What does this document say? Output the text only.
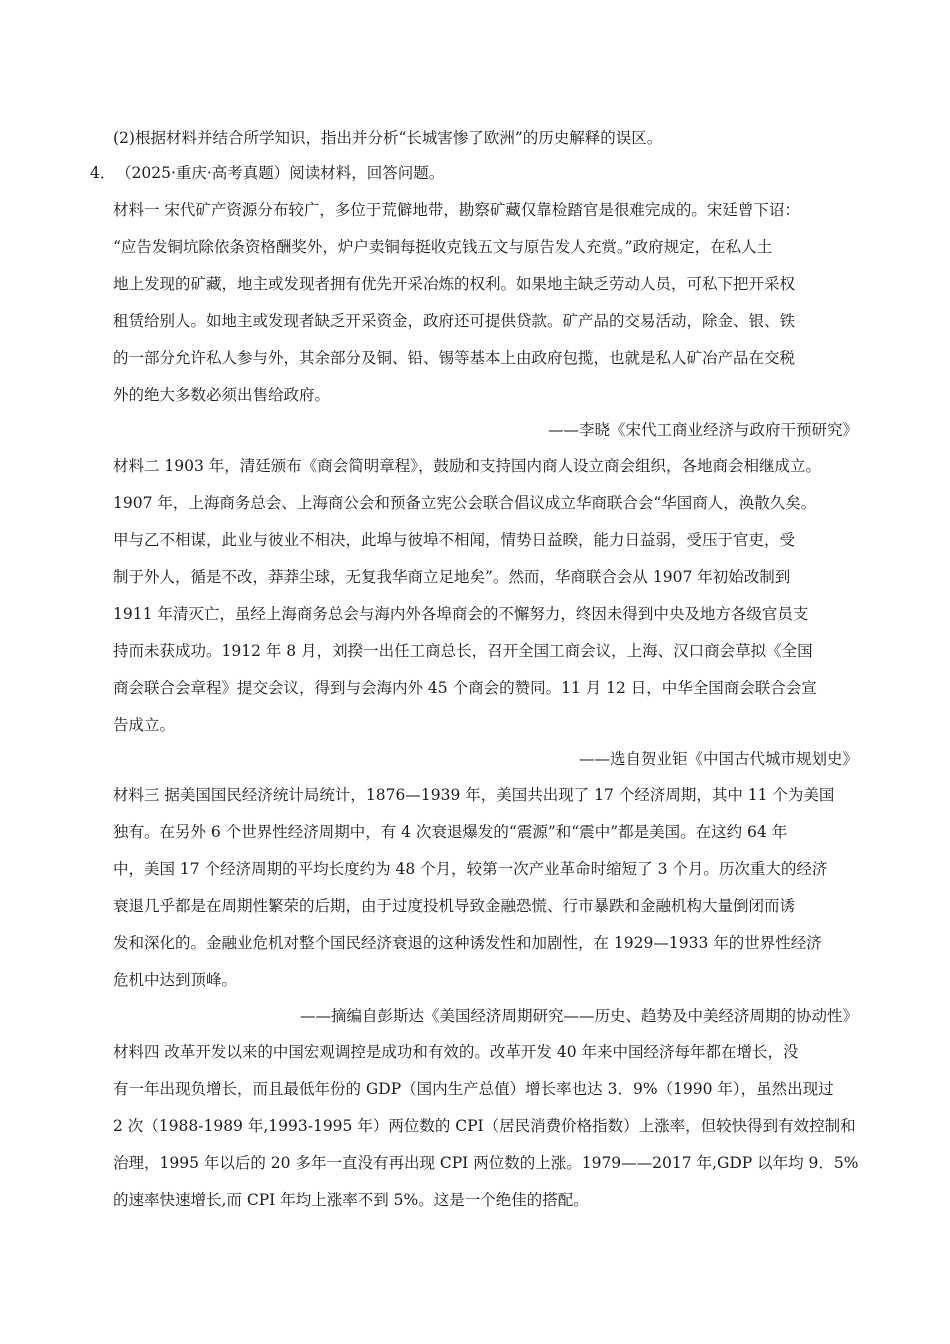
(2)根据材料并结合所学知识，指出并分析“长城害惨了欧洲”的历史解释的误区。
4． （2025·重庆·高考真题）阅读材料，回答问题。
材料一 宋代矿产资源分布较广，多位于荒僻地带，勘察矿藏仅靠检踏官是很难完成的。宋廷曾下诏：
“应告发铜坑除依条资格酬奖外，炉户卖铜每挺收克钱五文与原告发人充赏。”政府规定，在私人土
地上发现的矿藏，地主或发现者拥有优先开采冶炼的权利。如果地主缺乏劳动人员，可私下把开采权
租赁给别人。如地主或发现者缺乏开采资金，政府还可提供贷款。矿产品的交易活动，除金、银、铁
的一部分允许私人参与外，其余部分及铜、铅、锡等基本上由政府包揽，也就是私人矿冶产品在交税
外的绝大多数必须出售给政府。
——李晓《宋代工商业经济与政府干预研究》
材料二 1903 年，清廷颁布《商会简明章程》，鼓励和支持国内商人设立商会组织，各地商会相继成立。
1907 年，上海商务总会、上海商公会和预备立宪公会联合倡议成立华商联合会“华国商人，涣散久矣。
甲与乙不相谋，此业与彼业不相决，此埠与彼埠不相闻，情势日益睽，能力日益弱，受压于官吏，受
制于外人，循是不改，莽莽尘球，无复我华商立足地矣”。然而，华商联合会从 1907 年初始改制到
1911 年清灭亡，虽经上海商务总会与海内外各埠商会的不懈努力，终因未得到中央及地方各级官员支
持而未获成功。1912 年 8 月，刘揆一出任工商总长，召开全国工商会议，上海、汉口商会草拟《全国
商会联合会章程》提交会议，得到与会海内外 45 个商会的赞同。11 月 12 日，中华全国商会联合会宣
告成立。
——选自贺业钜《中国古代城市规划史》
材料三 据美国国民经济统计局统计，1876—1939 年，美国共出现了 17 个经济周期，其中 11 个为美国
独有。在另外 6 个世界性经济周期中，有 4 次衰退爆发的“震源”和“震中”都是美国。在这约 64 年
中，美国 17 个经济周期的平均长度约为 48 个月，较第一次产业革命时缩短了 3 个月。历次重大的经济
衰退几乎都是在周期性繁荣的后期，由于过度投机导致金融恐慌、行市暴跌和金融机构大量倒闭而诱
发和深化的。金融业危机对整个国民经济衰退的这种诱发性和加剧性，在 1929—1933 年的世界性经济
危机中达到顶峰。
——摘编自彭斯达《美国经济周期研究——历史、趋势及中美经济周期的协动性》
材料四 改革开发以来的中国宏观调控是成功和有效的。改革开发 40 年来中国经济每年都在增长，没
有一年出现负增长，而且最低年份的 GDP（国内生产总值）增长率也达 3．9%（1990 年），虽然出现过
2 次（1988-1989 年,1993-1995 年）两位数的 CPI（居民消费价格指数）上涨率，但较快得到有效控制和
治理，1995 年以后的 20 多年一直没有再出现 CPI 两位数的上涨。1979——2017 年,GDP 以年均 9．5%
的速率快速增长,而 CPI 年均上涨率不到 5%。这是一个绝佳的搭配。
